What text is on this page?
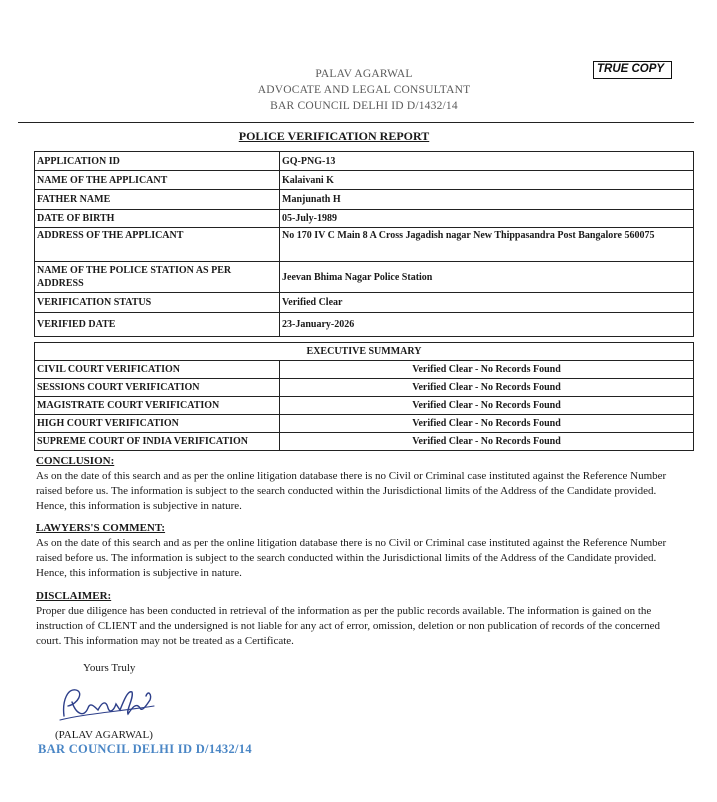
PALAV AGARWAL
ADVOCATE AND LEGAL CONSULTANT
BAR COUNCIL DELHI ID D/1432/14
TRUE COPY
POLICE VERIFICATION REPORT
APPLICATION ID	GQ-PNG-13
NAME OF THE APPLICANT	Kalaivani K
FATHER NAME	Manjunath H
DATE OF BIRTH	05-July-1989
ADDRESS OF THE APPLICANT	No 170 IV C Main 8 A Cross Jagadish nagar New Thippasandra Post Bangalore 560075
NAME OF THE POLICE STATION AS PER ADDRESS	Jeevan Bhima Nagar Police Station
VERIFICATION STATUS	Verified Clear
VERIFIED DATE	23-January-2026
EXECUTIVE SUMMARY	
CIVIL COURT VERIFICATION	Verified Clear - No Records Found
SESSIONS COURT VERIFICATION	Verified Clear - No Records Found
MAGISTRATE COURT VERIFICATION	Verified Clear - No Records Found
HIGH COURT VERIFICATION	Verified Clear - No Records Found
SUPREME COURT OF INDIA VERIFICATION	Verified Clear - No Records Found
CONCLUSION:
As on the date of this search and as per the online litigation database there is no Civil or Criminal case instituted against the Reference Number raised before us. The information is subject to the search conducted within the Jurisdictional limits of the Address of the Candidate provided. Hence, this information is subjective in nature.
LAWYERS'S COMMENT:
As on the date of this search and as per the online litigation database there is no Civil or Criminal case instituted against the Reference Number raised before us. The information is subject to the search conducted within the Jurisdictional limits of the Address of the Candidate provided. Hence, this information is subjective in nature.
DISCLAIMER:
Proper due diligence has been conducted in retrieval of the information as per the public records available. The information is gained on the instruction of CLIENT and the undersigned is not liable for any act of error, omission, deletion or non publication of records of the concerned court. This information may not be treated as a Certificate.
Yours Truly
(PALAV AGARWAL)
BAR COUNCIL DELHI ID D/1432/14
